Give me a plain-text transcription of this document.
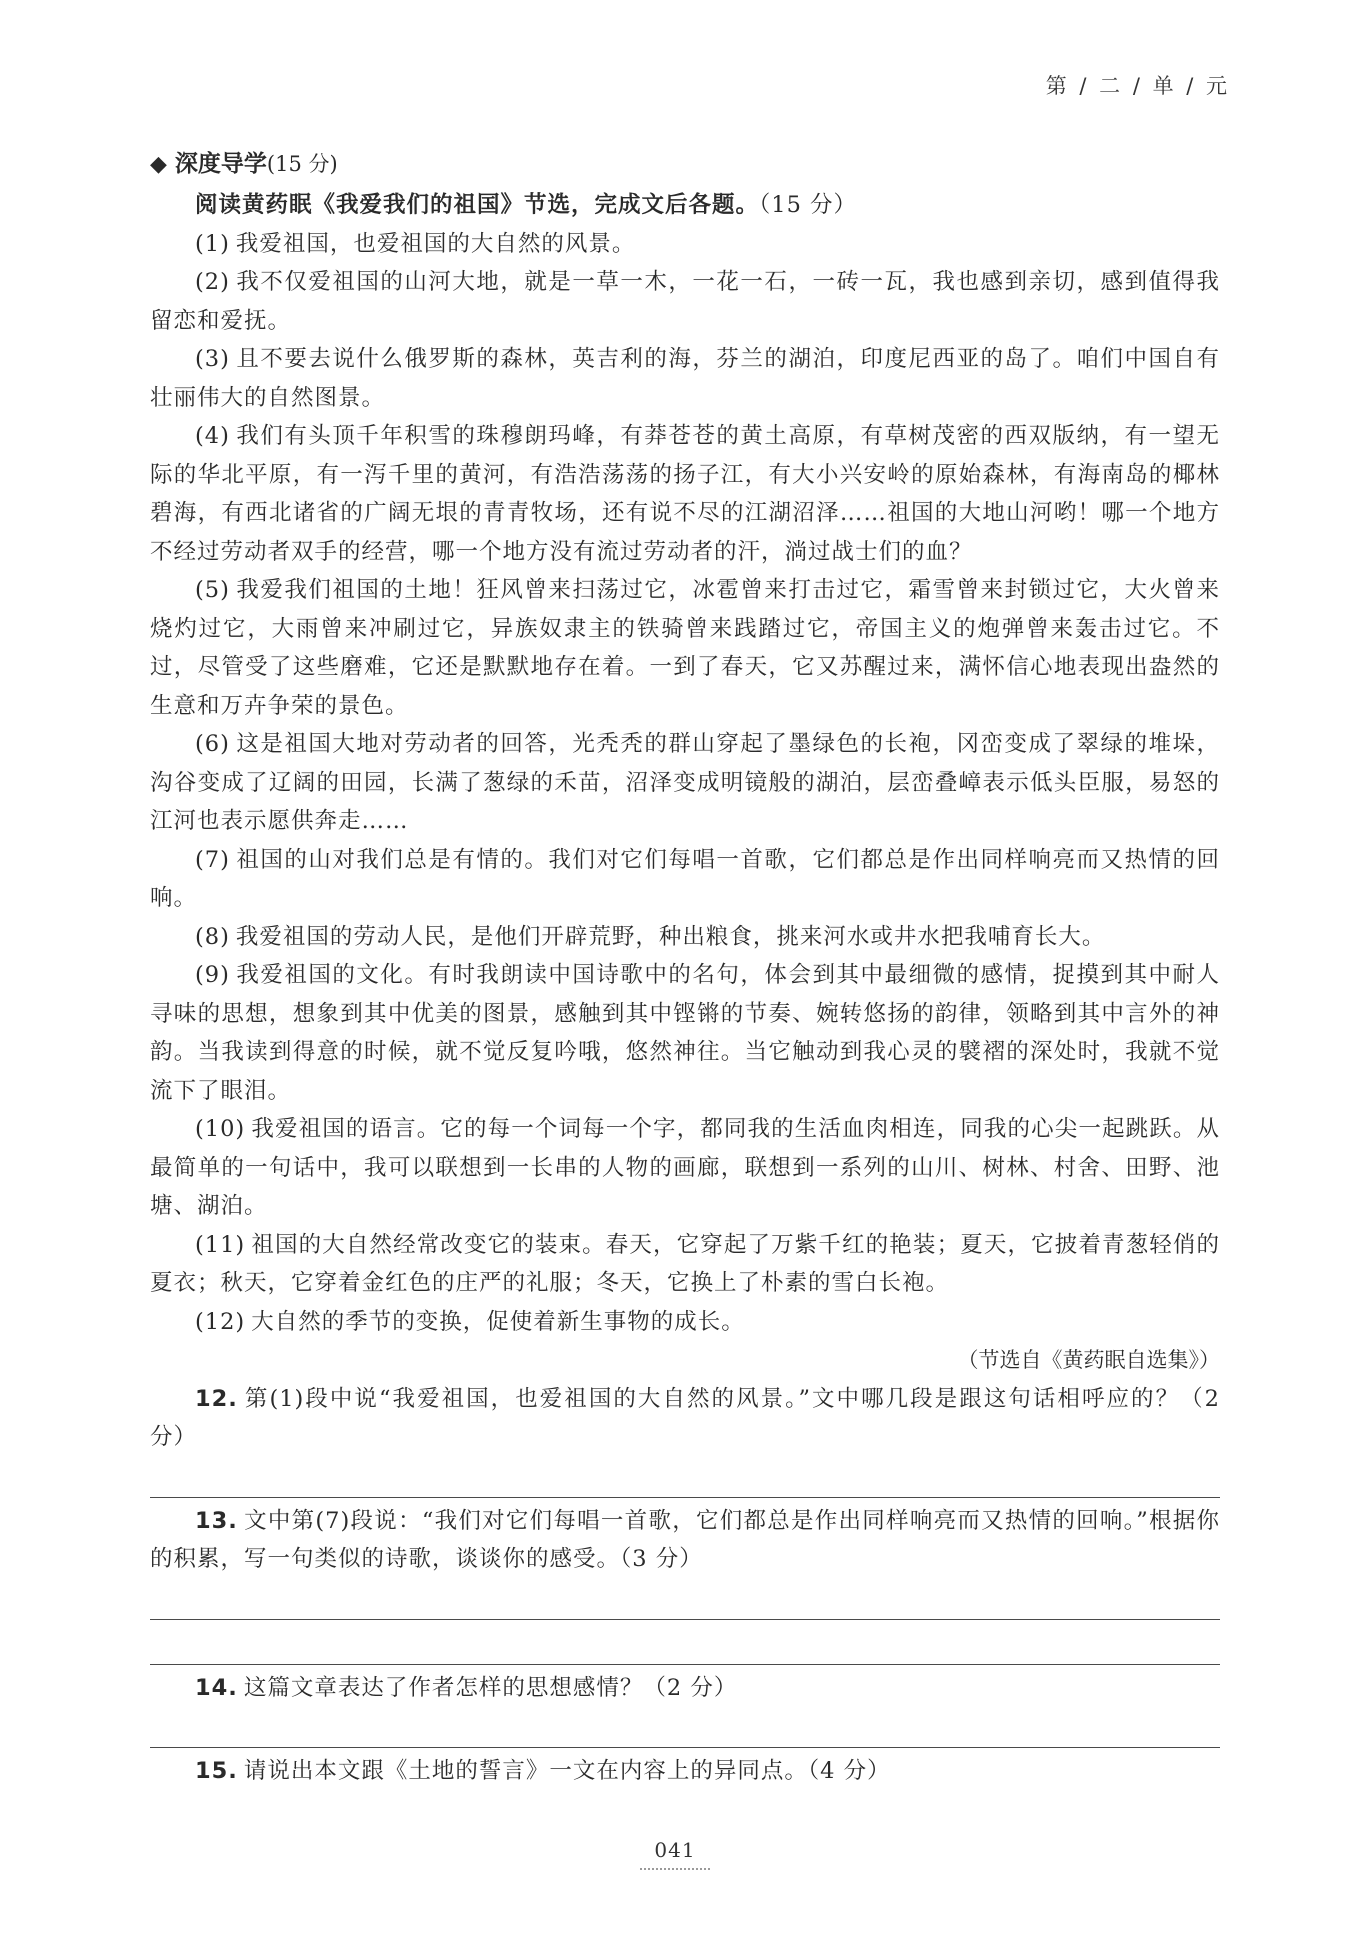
第 / 二 / 单 / 元
◆ 深度导学(15 分)

阅读黄药眠《我爱我们的祖国》节选，完成文后各题。（15 分）

(1) 我爱祖国，也爱祖国的大自然的风景。

(2) 我不仅爱祖国的山河大地，就是一草一木，一花一石，一砖一瓦，我也感到亲切，感到值得我留恋和爱抚。

(3) 且不要去说什么俄罗斯的森林，英吉利的海，芬兰的湖泊，印度尼西亚的岛了。咱们中国自有壮丽伟大的自然图景。

(4) 我们有头顶千年积雪的珠穆朗玛峰，有莽苍苍的黄土高原，有草树茂密的西双版纳，有一望无际的华北平原，有一泻千里的黄河，有浩浩荡荡的扬子江，有大小兴安岭的原始森林，有海南岛的椰林碧海，有西北诸省的广阔无垠的青青牧场，还有说不尽的江湖沼泽……祖国的大地山河哟！哪一个地方不经过劳动者双手的经营，哪一个地方没有流过劳动者的汗，淌过战士们的血？

(5) 我爱我们祖国的土地！狂风曾来扫荡过它，冰雹曾来打击过它，霜雪曾来封锁过它，大火曾来烧灼过它，大雨曾来冲刷过它，异族奴隶主的铁骑曾来践踏过它，帝国主义的炮弹曾来轰击过它。不过，尽管受了这些磨难，它还是默默地存在着。一到了春天，它又苏醒过来，满怀信心地表现出盎然的生意和万卉争荣的景色。

(6) 这是祖国大地对劳动者的回答，光秃秃的群山穿起了墨绿色的长袍，冈峦变成了翠绿的堆垛，沟谷变成了辽阔的田园，长满了葱绿的禾苗，沼泽变成明镜般的湖泊，层峦叠嶂表示低头臣服，易怒的江河也表示愿供奔走……

(7) 祖国的山对我们总是有情的。我们对它们每唱一首歌，它们都总是作出同样响亮而又热情的回响。

(8) 我爱祖国的劳动人民，是他们开辟荒野，种出粮食，挑来河水或井水把我哺育长大。

(9) 我爱祖国的文化。有时我朗读中国诗歌中的名句，体会到其中最细微的感情，捉摸到其中耐人寻味的思想，想象到其中优美的图景，感触到其中铿锵的节奏、婉转悠扬的韵律，领略到其中言外的神韵。当我读到得意的时候，就不觉反复吟哦，悠然神往。当它触动到我心灵的襞褶的深处时，我就不觉流下了眼泪。

(10) 我爱祖国的语言。它的每一个词每一个字，都同我的生活血肉相连，同我的心尖一起跳跃。从最简单的一句话中，我可以联想到一长串的人物的画廊，联想到一系列的山川、树林、村舍、田野、池塘、湖泊。

(11) 祖国的大自然经常改变它的装束。春天，它穿起了万紫千红的艳装；夏天，它披着青葱轻俏的夏衣；秋天，它穿着金红色的庄严的礼服；冬天，它换上了朴素的雪白长袍。

(12) 大自然的季节的变换，促使着新生事物的成长。

（节选自《黄药眠自选集》）

12. 第(1)段中说“我爱祖国，也爱祖国的大自然的风景。”文中哪几段是跟这句话相呼应的？（2 分）

13. 文中第(7)段说：“我们对它们每唱一首歌，它们都总是作出同样响亮而又热情的回响。”根据你的积累，写一句类似的诗歌，谈谈你的感受。（3 分）

14. 这篇文章表达了作者怎样的思想感情？（2 分）

15. 请说出本文跟《土地的誓言》一文在内容上的异同点。（4 分）

041
